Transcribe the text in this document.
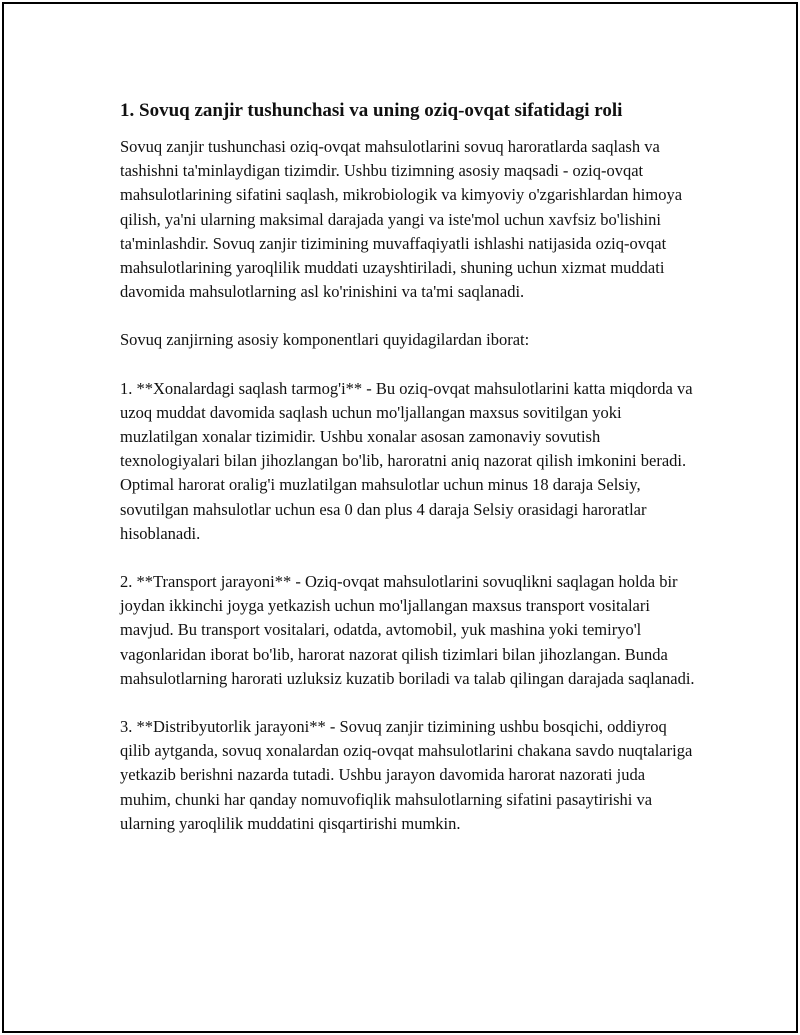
1. Sovuq zanjir tushunchasi va uning oziq-ovqat sifatidagi roli

Sovuq zanjir tushunchasi oziq-ovqat mahsulotlarini sovuq haroratlarda saqlash va tashishni ta'minlaydigan tizimdir. Ushbu tizimning asosiy maqsadi - oziq-ovqat mahsulotlarining sifatini saqlash, mikrobiologik va kimyoviy o'zgarishlardan himoya qilish, ya'ni ularning maksimal darajada yangi va iste'mol uchun xavfsiz bo'lishini ta'minlashdir. Sovuq zanjir tizimining muvaffaqiyatli ishlashi natijasida oziq-ovqat mahsulotlarining yaroqlilik muddati uzayshtiriladi, shuning uchun xizmat muddati davomida mahsulotlarning asl ko'rinishini va ta'mi saqlanadi.

Sovuq zanjirning asosiy komponentlari quyidagilardan iborat:

1. **Xonalardagi saqlash tarmog'i** - Bu oziq-ovqat mahsulotlarini katta miqdorda va uzoq muddat davomida saqlash uchun mo'ljallangan maxsus sovitilgan yoki muzlatilgan xonalar tizimidir. Ushbu xonalar asosan zamonaviy sovutish texnologiyalari bilan jihozlangan bo'lib, haroratni aniq nazorat qilish imkonini beradi. Optimal harorat oralig'i muzlatilgan mahsulotlar uchun minus 18 daraja Selsiy, sovutilgan mahsulotlar uchun esa 0 dan plus 4 daraja Selsiy orasidagi haroratlar hisoblanadi.

2. **Transport jarayoni** - Oziq-ovqat mahsulotlarini sovuqlikni saqlagan holda bir joydan ikkinchi joyga yetkazish uchun mo'ljallangan maxsus transport vositalari mavjud. Bu transport vositalari, odatda, avtomobil, yuk mashina yoki temiryo'l vagonlaridan iborat bo'lib, harorat nazorat qilish tizimlari bilan jihozlangan. Bunda mahsulotlarning harorati uzluksiz kuzatib boriladi va talab qilingan darajada saqlanadi.

3. **Distribyutorlik jarayoni** - Sovuq zanjir tizimining ushbu bosqichi, oddiyroq qilib aytganda, sovuq xonalardan oziq-ovqat mahsulotlarini chakana savdo nuqtalariga yetkazib berishni nazarda tutadi. Ushbu jarayon davomida harorat nazorati juda muhim, chunki har qanday nomuvofiqlik mahsulotlarning sifatini pasaytirishi va ularning yaroqlilik muddatini qisqartirishi mumkin.
